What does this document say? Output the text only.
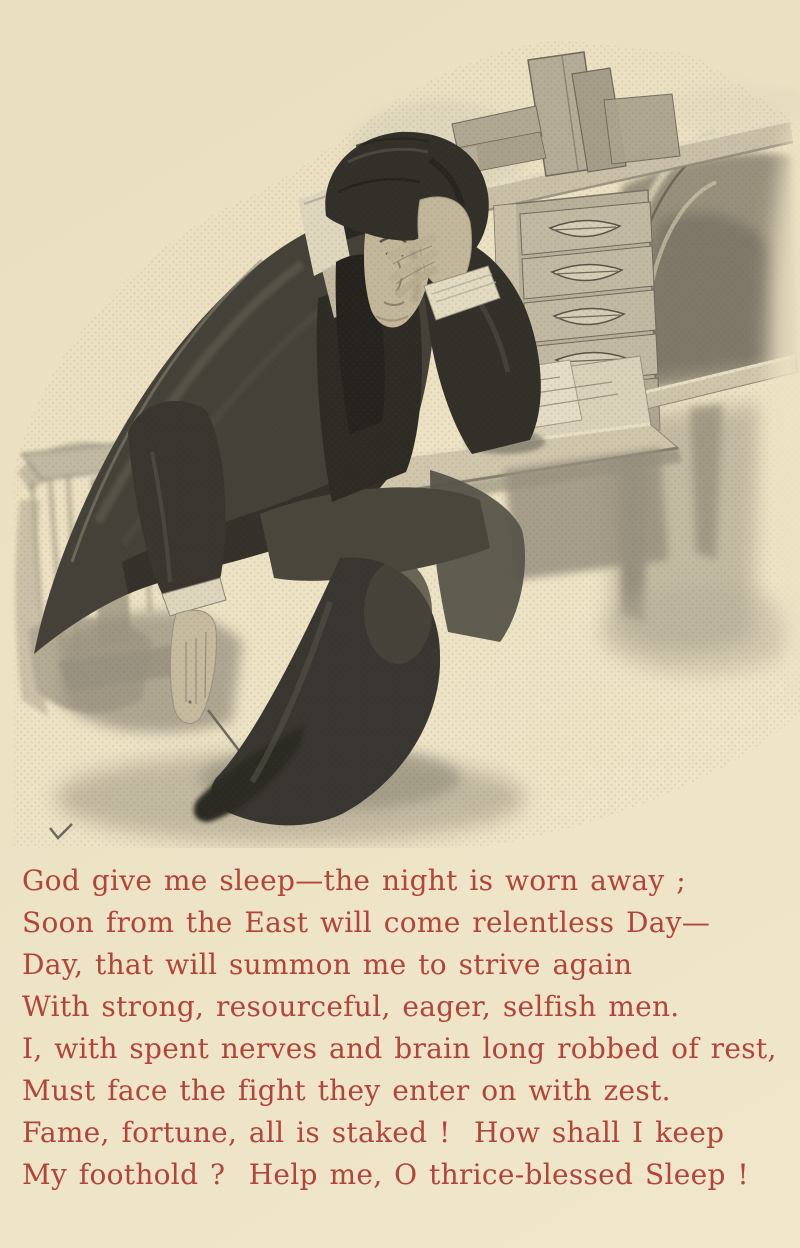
God give me sleep—the night is worn away ;

Soon from the East will come relentless Day—

Day, that will summon me to strive again

With strong, resourceful, eager, selfish men.

I, with spent nerves and brain long robbed of rest,

Must face the fight they enter on with zest.

Fame, fortune, all is staked !  How shall I keep

My foothold ?  Help me, O thrice-blessed Sleep !
